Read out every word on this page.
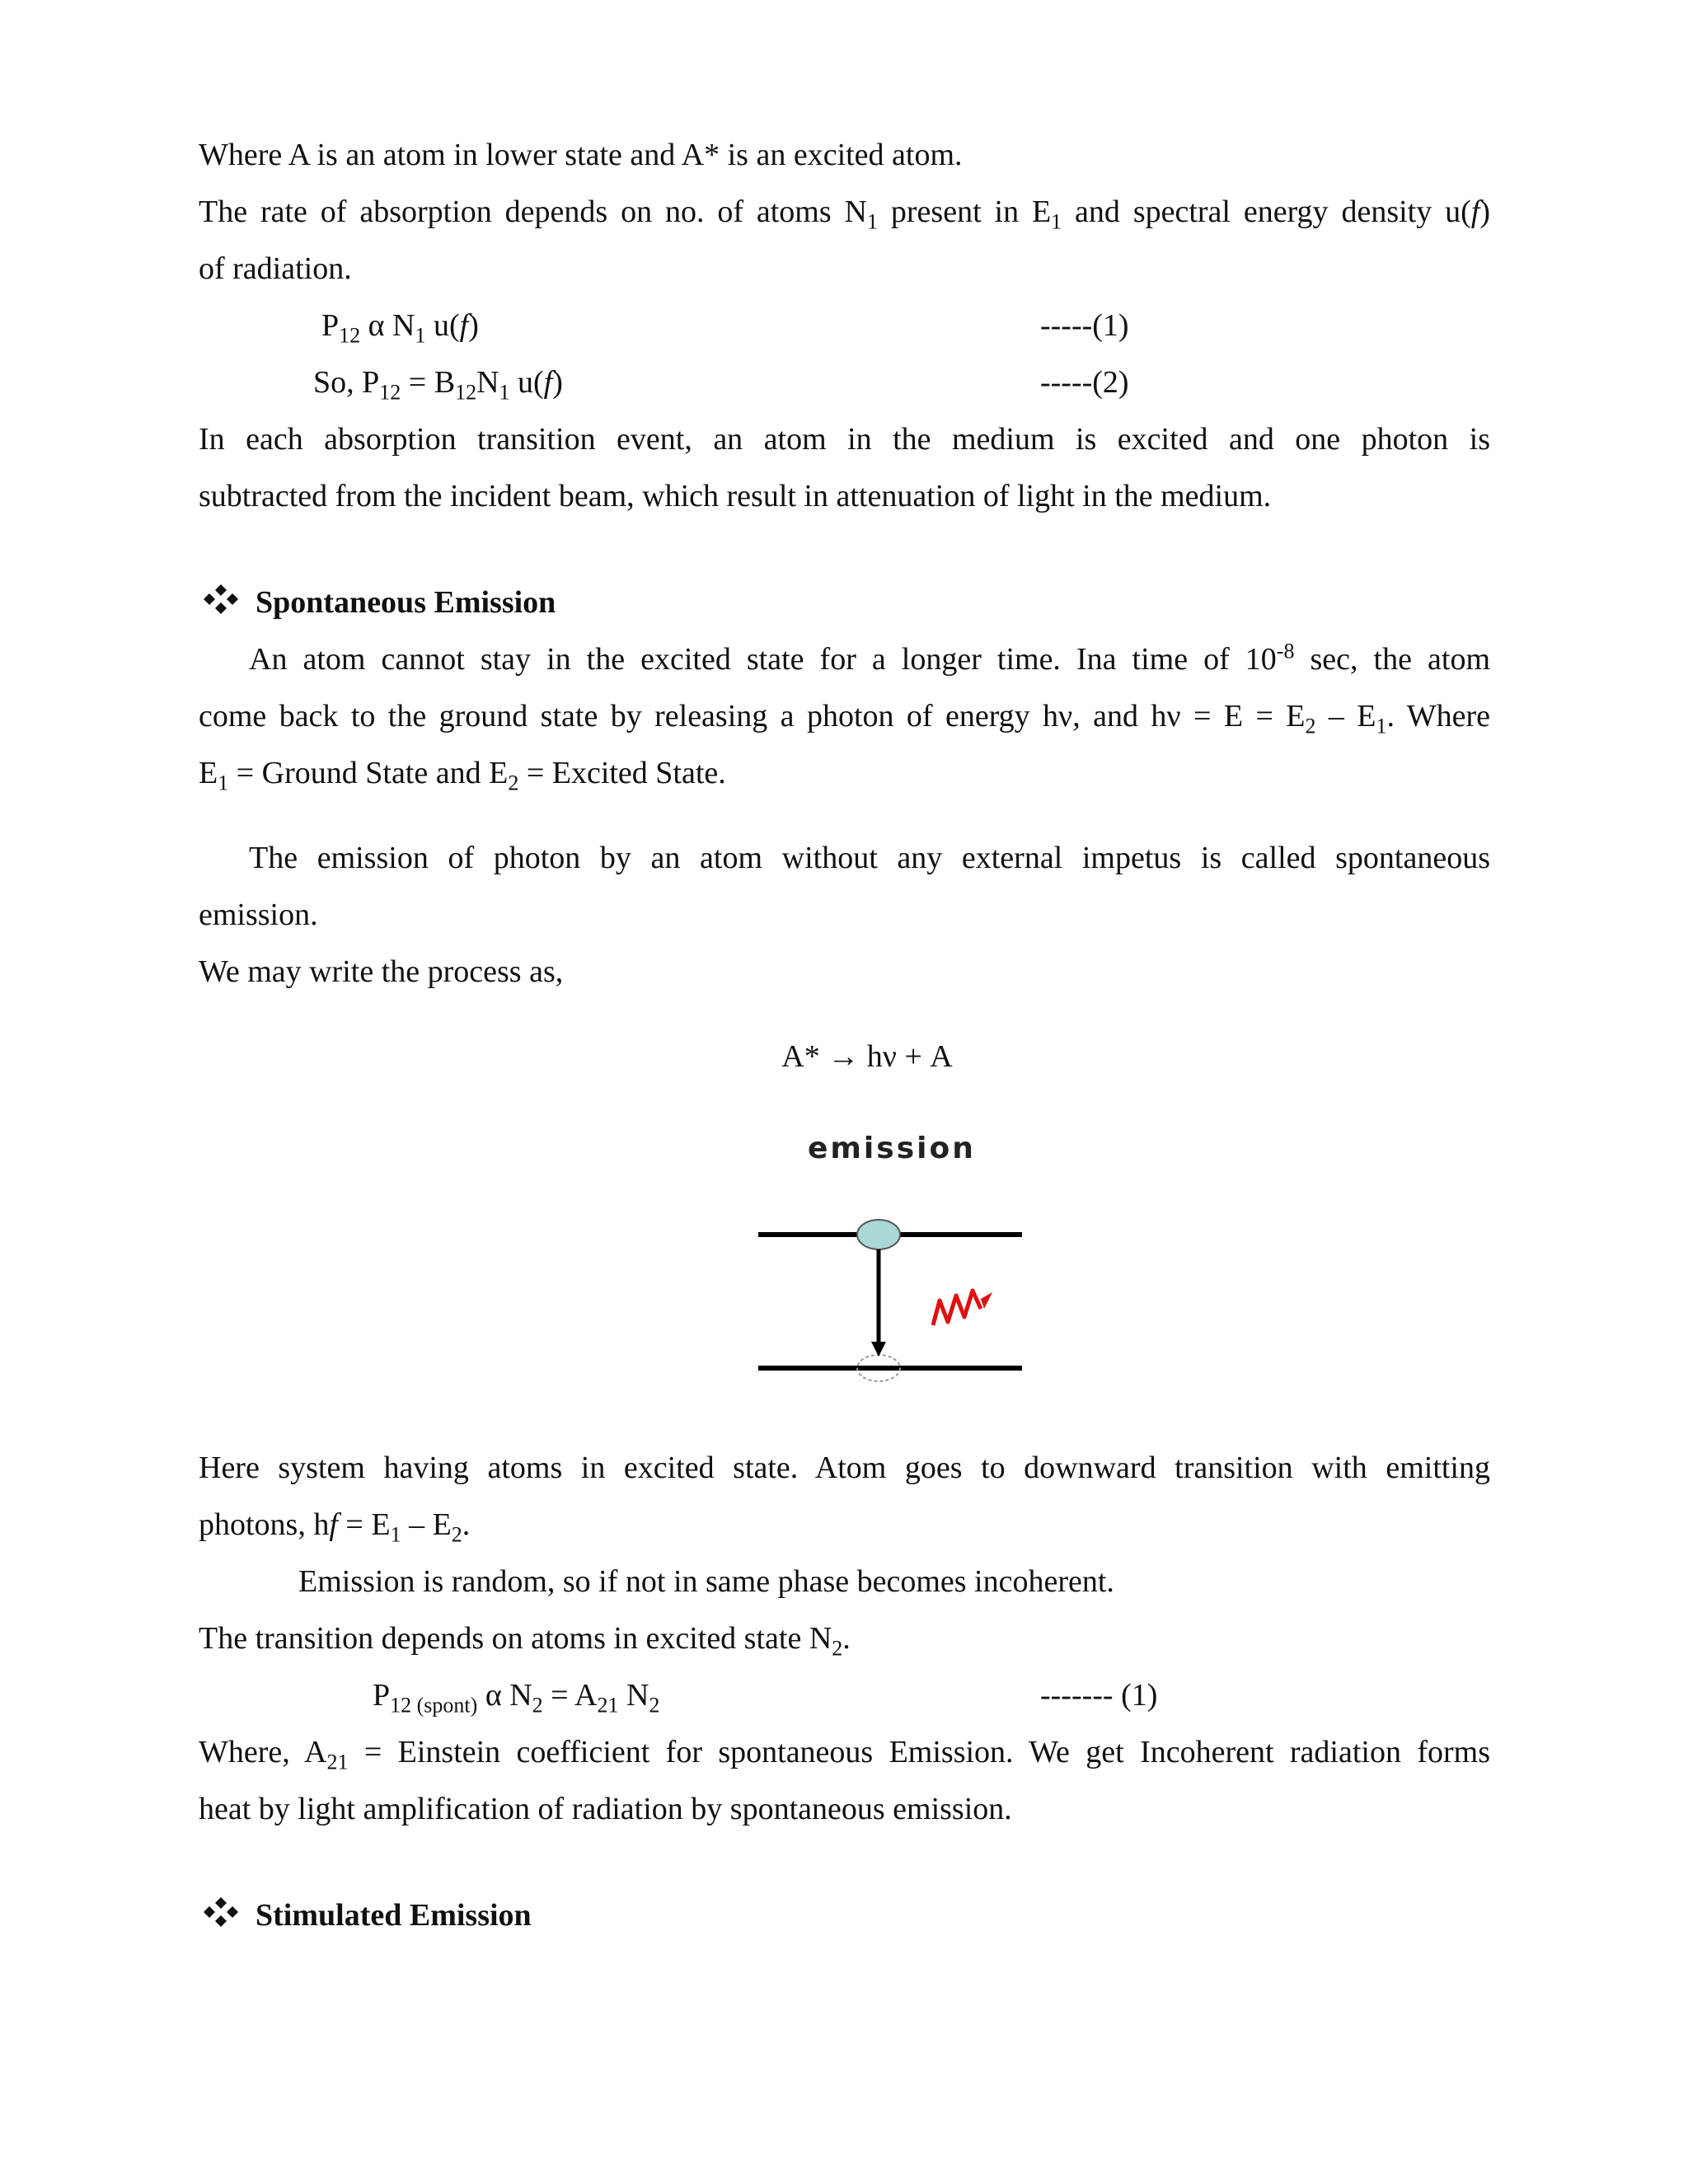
Where A is an atom in lower state and A* is an excited atom.
The rate of absorption depends on no. of atoms $N_1$ present in $E_1$ and spectral energy density u(f)
of radiation.
$P_{12}$ α $N_1$ u(f)	-----(1)
So, $P_{12} = B_{12}N_1$ u(f)	-----(2)
In each absorption transition event, an atom in the medium is excited and one photon is
subtracted from the incident beam, which result in attenuation of light in the medium.
Spontaneous Emission
An atom cannot stay in the excited state for a longer time. Ina time of $10^{-8}$ sec, the atom
come back to the ground state by releasing a photon of energy hν, and $h\nu = E = E_2 - E_1$. Where
$E_1$ = Ground State and $E_2$ = Excited State.
The emission of photon by an atom without any external impetus is called spontaneous
emission.
We may write the process as,
A* → hν + A
emission
Here system having atoms in excited state. Atom goes to downward transition with emitting
photons, hf = $E_1 - E_2$.
Emission is random, so if not in same phase becomes incoherent.
The transition depends on atoms in excited state $N_2$.
$P_{12 (spont)}$ α $N_2 = A_{21}$ $N_2$	------- (1)
Where, $A_{21}$ = Einstein coefficient for spontaneous Emission. We get Incoherent radiation forms
heat by light amplification of radiation by spontaneous emission.
Stimulated Emission
